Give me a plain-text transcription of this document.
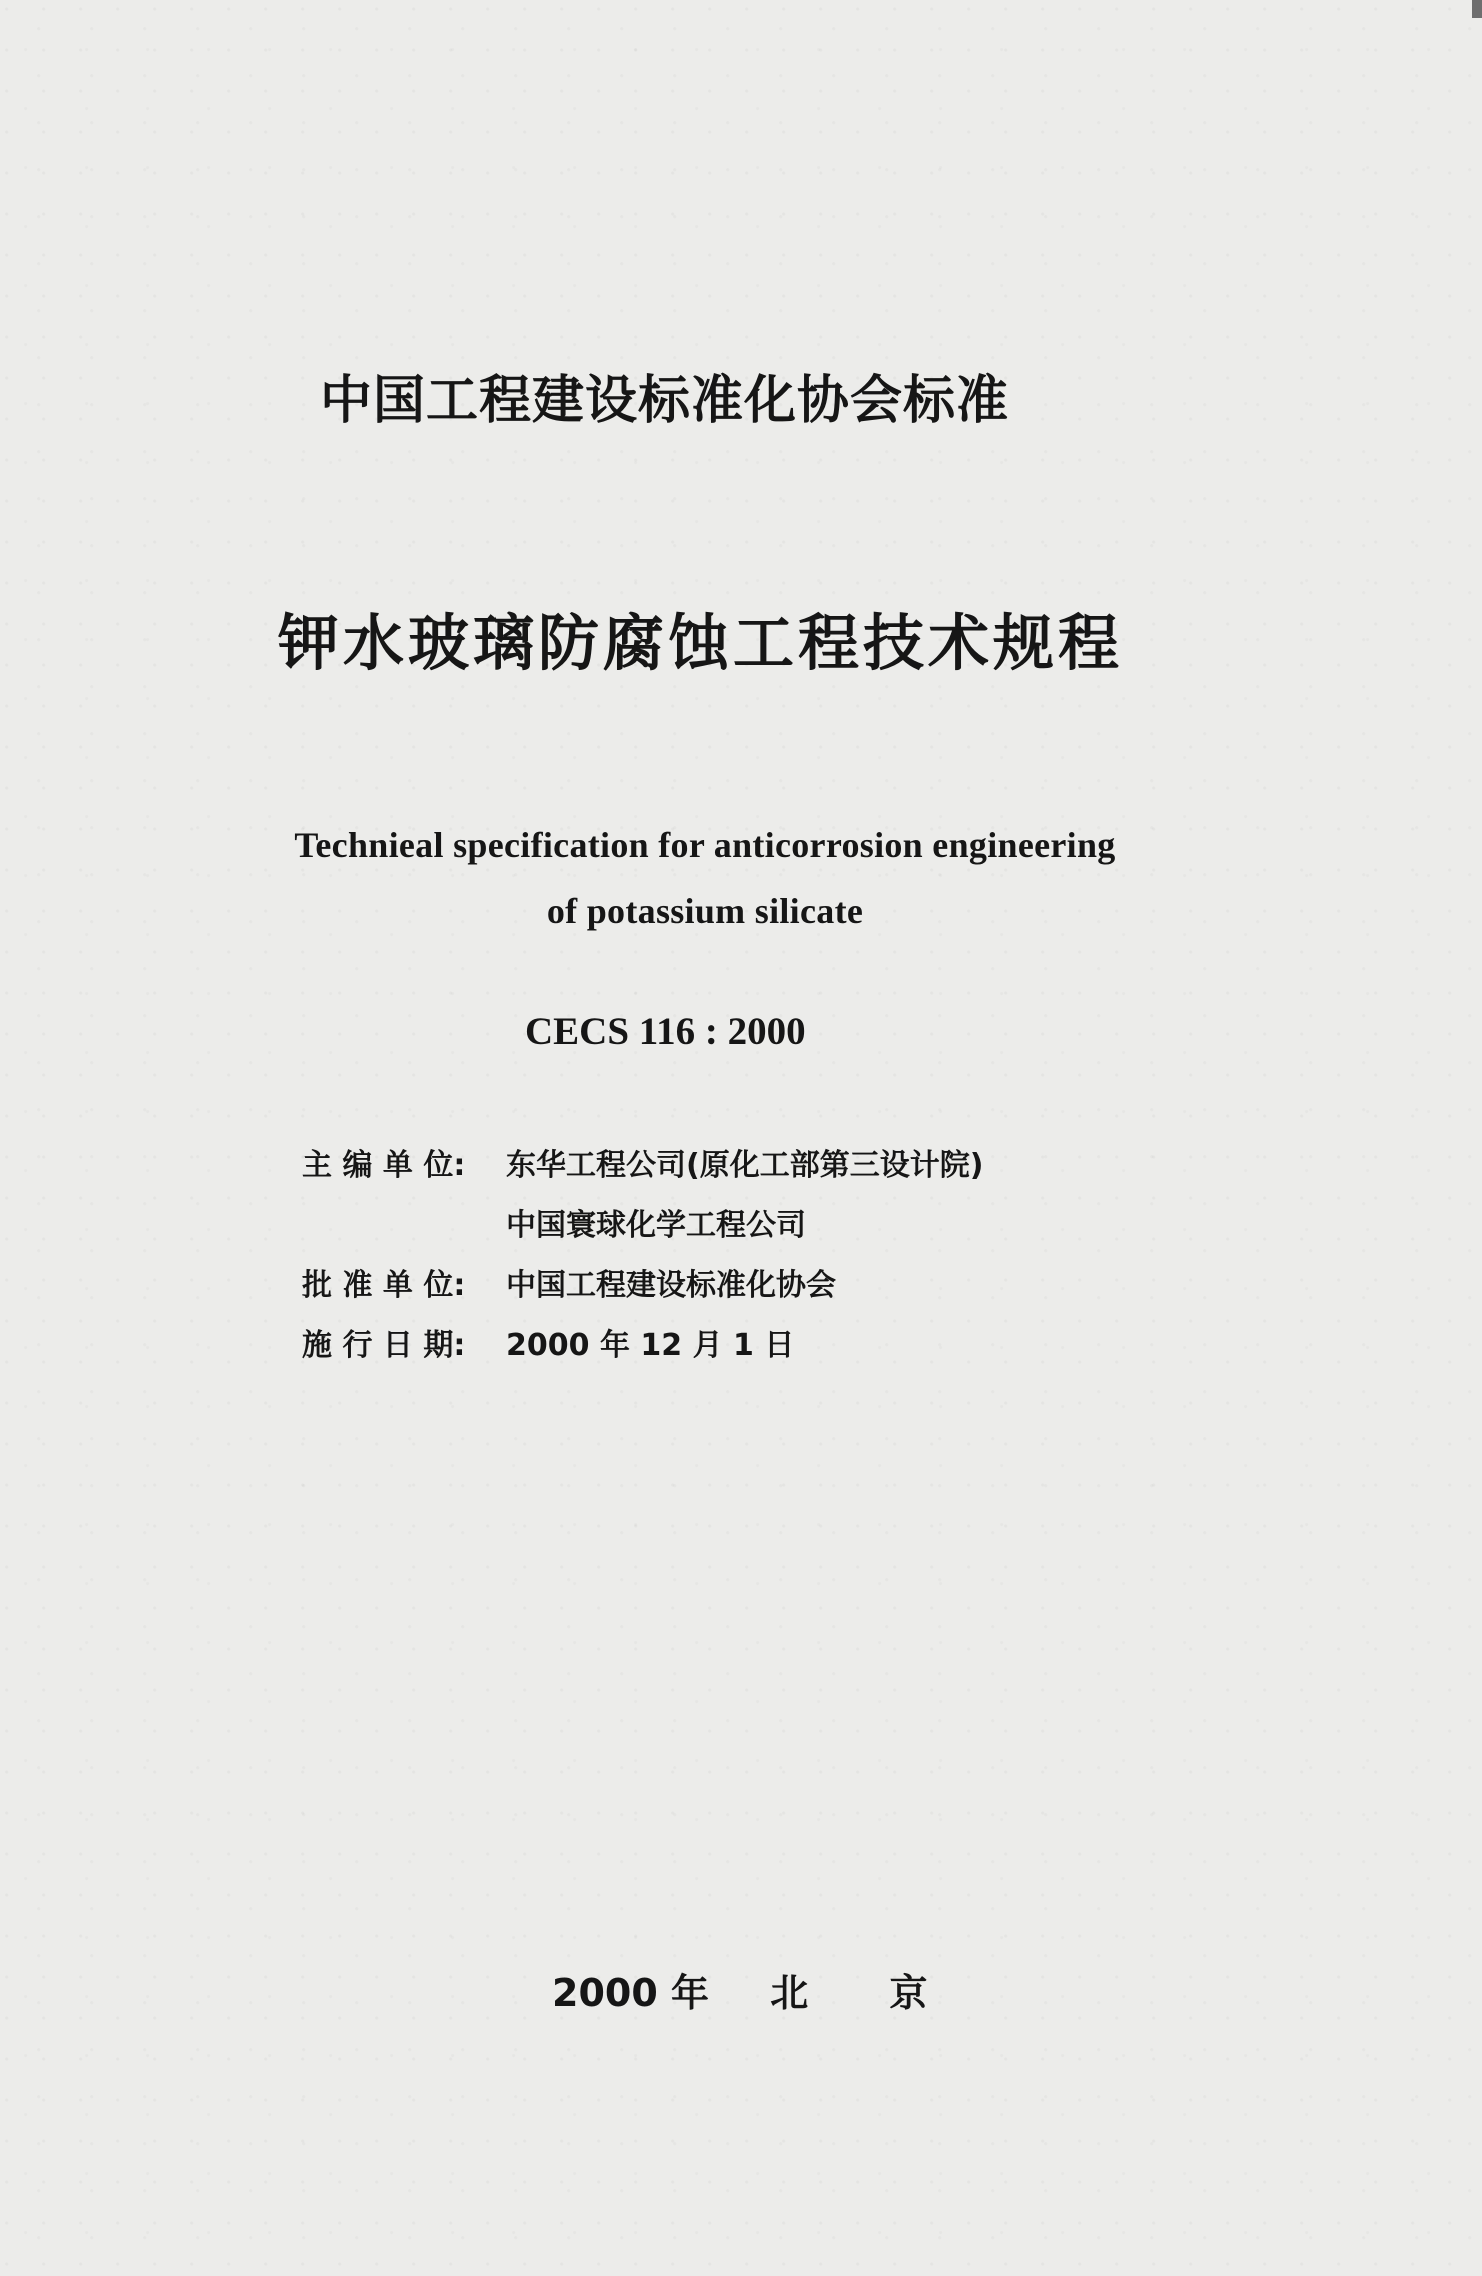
中国工程建设标准化协会标准
钾水玻璃防腐蚀工程技术规程
Technieal specification for anticorrosion engineering
of potassium silicate
CECS 116 : 2000
主 编 单 位:	东华工程公司(原化工部第三设计院)
中国寰球化学工程公司
批 准 单 位:	中国工程建设标准化协会
施 行 日 期:	2000 年 12 月 1 日
2000 年 北 京
